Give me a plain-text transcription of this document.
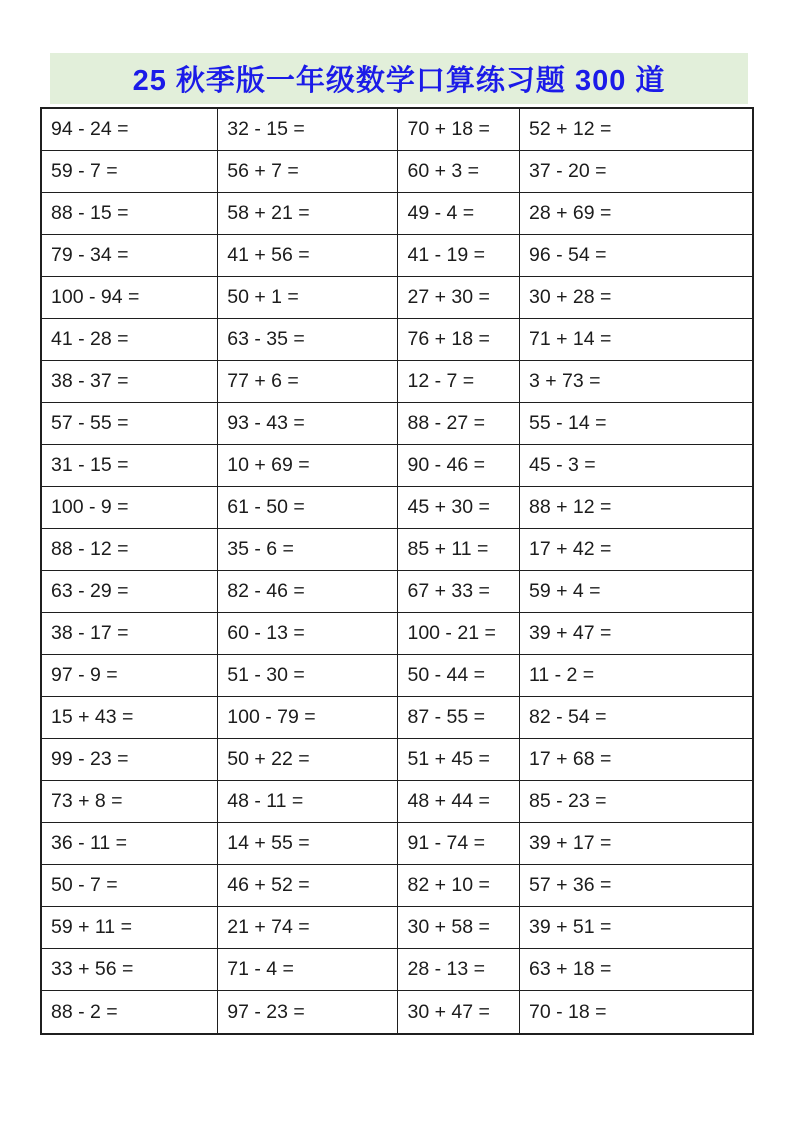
25 秋季版一年级数学口算练习题 300 道
94 - 24 =	32 - 15 =	70 + 18 =	52 + 12 =
59 - 7 =	56 + 7 =	60 + 3 =	37 - 20 =
88 - 15 =	58 + 21 =	49 - 4 =	28 + 69 =
79 - 34 =	41 + 56 =	41 - 19 =	96 - 54 =
100 - 94 =	50 + 1 =	27 + 30 =	30 + 28 =
41 - 28 =	63 - 35 =	76 + 18 =	71 + 14 =
38 - 37 =	77 + 6 =	12 - 7 =	3 + 73 =
57 - 55 =	93 - 43 =	88 - 27 =	55 - 14 =
31 - 15 =	10 + 69 =	90 - 46 =	45 - 3 =
100 - 9 =	61 - 50 =	45 + 30 =	88 + 12 =
88 - 12 =	35 - 6 =	85 + 11 =	17 + 42 =
63 - 29 =	82 - 46 =	67 + 33 =	59 + 4 =
38 - 17 =	60 - 13 =	100 - 21 =	39 + 47 =
97 - 9 =	51 - 30 =	50 - 44 =	11 - 2 =
15 + 43 =	100 - 79 =	87 - 55 =	82 - 54 =
99 - 23 =	50 + 22 =	51 + 45 =	17 + 68 =
73 + 8 =	48 - 11 =	48 + 44 =	85 - 23 =
36 - 11 =	14 + 55 =	91 - 74 =	39 + 17 =
50 - 7 =	46 + 52 =	82 + 10 =	57 + 36 =
59 + 11 =	21 + 74 =	30 + 58 =	39 + 51 =
33 + 56 =	71 - 4 =	28 - 13 =	63 + 18 =
88 - 2 =	97 - 23 =	30 + 47 =	70 - 18 =
